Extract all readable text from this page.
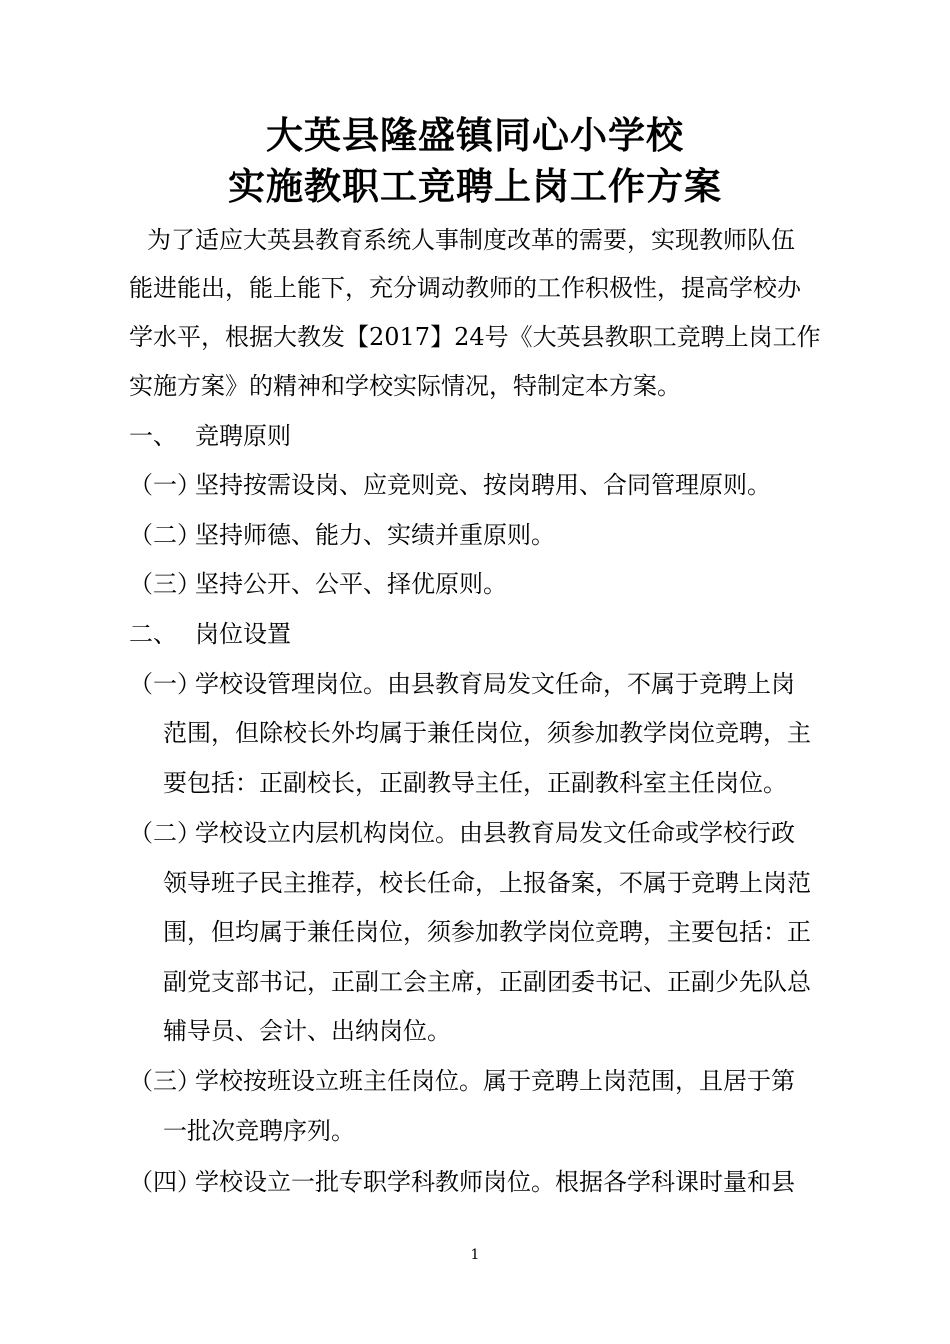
大英县隆盛镇同心小学校
实施教职工竞聘上岗工作方案
为了适应大英县教育系统人事制度改革的需要，实现教师队伍
能进能出，能上能下，充分调动教师的工作积极性，提高学校办
学水平，根据大教发【2017】24号《大英县教职工竞聘上岗工作
实施方案》的精神和学校实际情况，特制定本方案。
一、 竞聘原则
（一）坚持按需设岗、应竞则竞、按岗聘用、合同管理原则。
（二）坚持师德、能力、实绩并重原则。
（三）坚持公开、公平、择优原则。
二、 岗位设置
（一）学校设管理岗位。由县教育局发文任命，不属于竞聘上岗
范围，但除校长外均属于兼任岗位，须参加教学岗位竞聘，主
要包括：正副校长，正副教导主任，正副教科室主任岗位。
（二）学校设立内层机构岗位。由县教育局发文任命或学校行政
领导班子民主推荐，校长任命，上报备案，不属于竞聘上岗范
围，但均属于兼任岗位，须参加教学岗位竞聘，主要包括：正
副党支部书记，正副工会主席，正副团委书记、正副少先队总
辅导员、会计、出纳岗位。
（三）学校按班设立班主任岗位。属于竞聘上岗范围，且居于第
一批次竞聘序列。
（四）学校设立一批专职学科教师岗位。根据各学科课时量和县
1
